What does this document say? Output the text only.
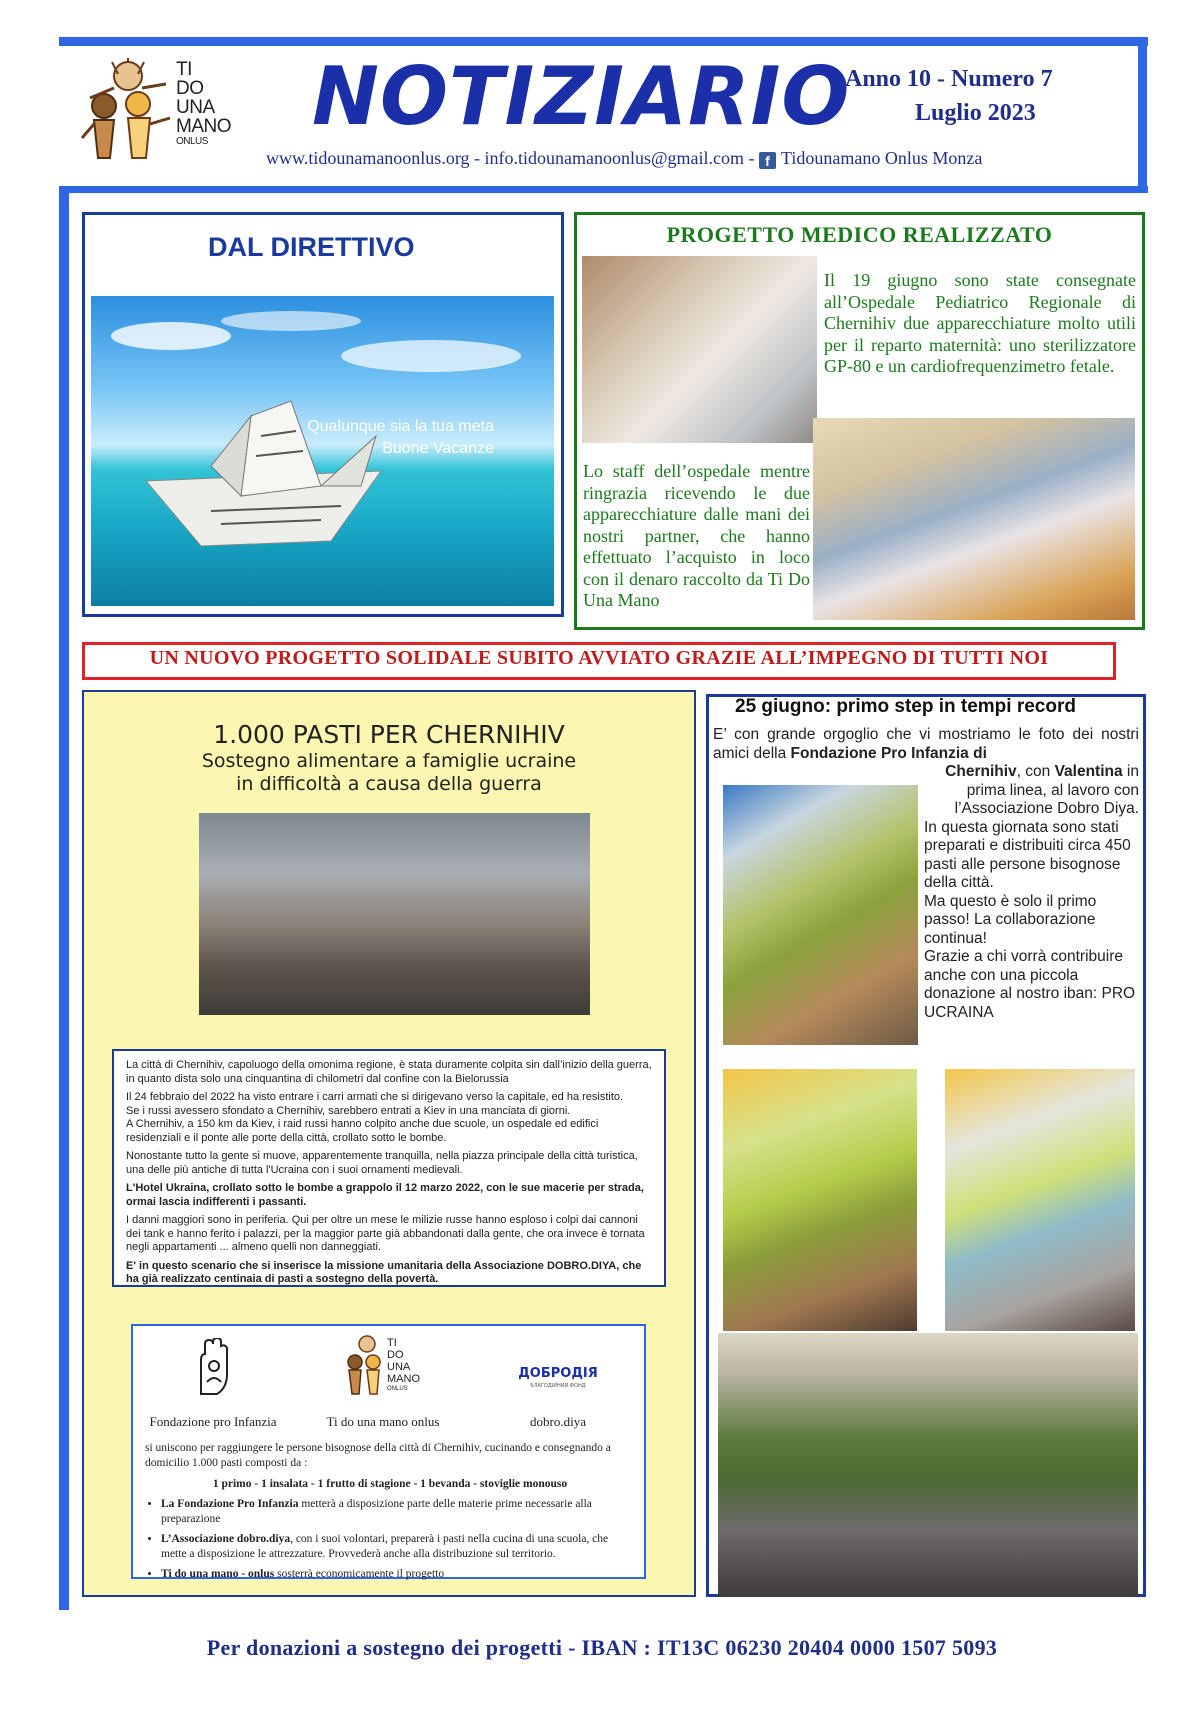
TI
DO
UNA
MANO
ONLUS NOTIZIARIO
Anno 10 - Numero 7
Luglio 2023
www.tidounamanoonlus.org - info.tidounamanoonlus@gmail.com - f Tidounamano Onlus Monza
DAL DIRETTIVO
Qualunque sia la tua meta
Buone Vacanze
PROGETTO MEDICO REALIZZATO
Il 19 giugno sono state consegnate all’Ospedale Pediatrico Regionale di Chernihiv due apparecchiature molto utili per il reparto maternità: uno sterilizzatore GP-80 e un cardiofrequenzimetro fetale.
Lo staff dell’ospedale mentre ringrazia ricevendo le due apparecchiature dalle mani dei nostri partner, che hanno effettuato l’acquisto in loco con il denaro raccolto da Ti Do Una Mano
UN NUOVO PROGETTO SOLIDALE SUBITO AVVIATO GRAZIE ALL’IMPEGNO DI TUTTI NOI
1.000 PASTI PER CHERNIHIV
Sostegno alimentare a famiglie ucraine
in difficoltà a causa della guerra

La città di Chernihiv, capoluogo della omonima regione, è stata duramente colpita sin dall’inizio della guerra, in quanto dista solo una cinquantina di chilometri dal confine con la Bielorussia

Il 24 febbraio del 2022 ha visto entrare i carri armati che si dirigevano verso la capitale, ed ha resistito.

Se i russi avessero sfondato a Chernihiv, sarebbero entrati a Kiev in una manciata di giorni.

A Chernihiv, a 150 km da Kiev, i raid russi hanno colpito anche due scuole, un ospedale ed edifici residenziali e il ponte alle porte della città, crollato sotto le bombe.

Nonostante tutto la gente si muove, apparentemente tranquilla, nella piazza principale della città turistica, una delle più antiche di tutta l'Ucraina con i suoi ornamenti medievali.

L'Hotel Ukraina, crollato sotto le bombe a grappolo il 12 marzo 2022, con le sue macerie per strada, ormai lascia indifferenti i passanti.

I danni maggiori sono in periferia. Qui per oltre un mese le milizie russe hanno esploso i colpi dai cannoni dei tank e hanno ferito i palazzi, per la maggior parte già abbandonati dalla gente, che ora invece è tornata negli appartamenti ... almeno quelli non danneggiati.

E' in questo scenario che si inserisce la missione umanitaria della Associazione DOBRO.DIYA, che ha già realizzato centinaia di pasti a sostegno della povertà.

Fondazione pro Infanzia
TI
DO
UNA
MANO
ONLUS
Ti do una mano onlus
ДОБРОДІЯ
БЛАГОДІЙНИЙ ФОНД
dobro.diya
si uniscono per raggiungere le persone bisognose della città di Chernihiv, cucinando e consegnando a domicilio 1.000 pasti composti da :
1 primo - 1 insalata - 1 frutto di stagione - 1 bevanda - stoviglie monouso
• La Fondazione Pro Infanzia metterà a disposizione parte delle materie prime necessarie alla preparazione
• L’Associazione dobro.diya, con i suoi volontari, preparerà i pasti nella cucina di una scuola, che mette a disposizione le attrezzature. Provvederà anche alla distribuzione sul territorio.
• Ti do una mano - onlus sosterrà economicamente il progetto
25 giugno: primo step in tempi record
E’ con grande orgoglio che vi mostriamo le foto dei nostri amici della Fondazione Pro Infanzia di
Chernihiv, con Valentina in prima linea, al lavoro con l’Associazione Dobro Diya.
In questa giornata sono stati preparati e distribuiti circa 450 pasti alle persone bisognose della città.
Ma questo è solo il primo passo! La collaborazione continua!
Grazie a chi vorrà contribuire anche con una piccola donazione al nostro iban: PRO UCRAINA
Per donazioni a sostegno dei progetti - IBAN : IT13C 06230 20404 0000 1507 5093
